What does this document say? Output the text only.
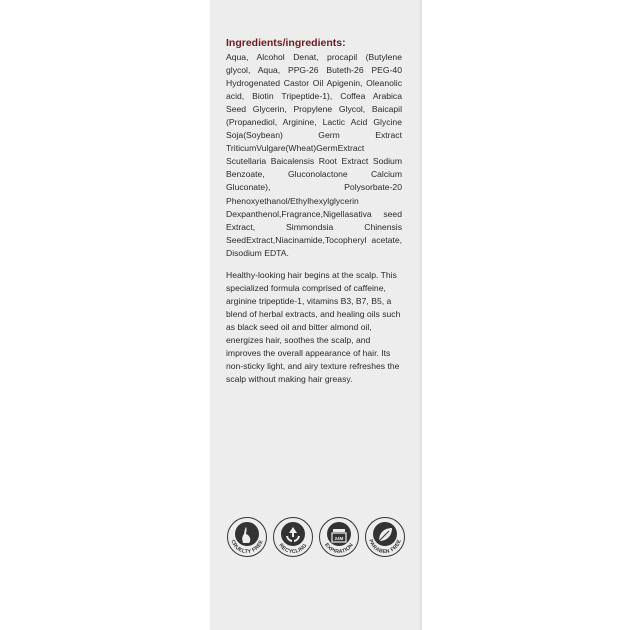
Ingredients/ingredients:
Aqua, Alcohol Denat, procapil (Butylene glycol, Aqua, PPG-26 Buteth-26 PEG-40 Hydrogenated Castor Oil Apigenin, Oleanolic acid, Biotin Tripeptide-1), Coffea Arabica Seed Glycerin, Propylene Glycol, Baicapil (Propanediol, Arginine, Lactic Acid Glycine Soja(Soybean) Germ Extract TriticumVulgare(Wheat)GermExtract Scutellaria Baicalensis Root Extract Sodium Benzoate, Gluconolactone Calcium Gluconate), Polysorbate-20 Phenoxyethanol/Ethylhexylglycerin Dexpanthenol,Fragrance,Nigellasativa seed Extract, Simmondsia Chinensis SeedExtract,Niacinamide,Tocopheryl acetate, Disodium EDTA.
Healthy-looking hair begins at the scalp. This specialized formula comprised of caffeine, arginine tripeptide-1, vitamins B3, B7, B5, a blend of herbal extracts, and healing oils such as black seed oil and bitter almond oil, energizes hair, soothes the scalp, and improves the overall appearance of hair. Its non-sticky light, and airy texture refreshes the scalp without making hair greasy.
CRUELTY FREE
RECYCLING
24M
EXPIRATION
PARABEN FREE
